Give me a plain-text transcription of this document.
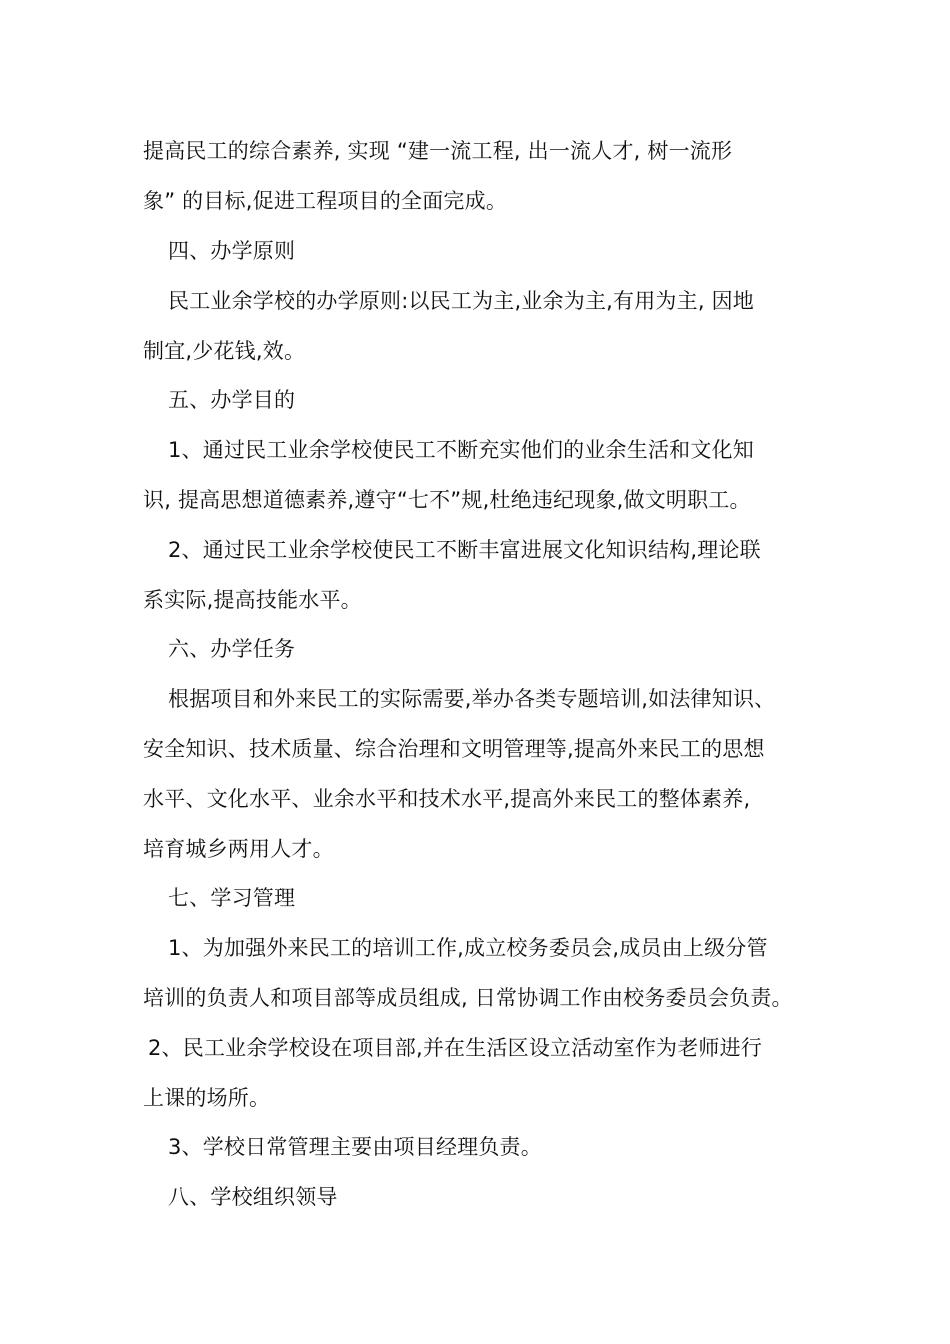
提高民工的综合素养, 实现 “建一流工程, 出一流人才, 树一流形
象” 的目标,促进工程项目的全面完成。
四、办学原则
民工业余学校的办学原则:以民工为主,业余为主,有用为主, 因地
制宜,少花钱,效。
五、办学目的
1、通过民工业余学校使民工不断充实他们的业余生活和文化知
识, 提高思想道德素养,遵守“七不”规,杜绝违纪现象,做文明职工。
2、通过民工业余学校使民工不断丰富进展文化知识结构,理论联
系实际,提高技能水平。
六、办学任务
根据项目和外来民工的实际需要,举办各类专题培训,如法律知识、
安全知识、技术质量、综合治理和文明管理等,提高外来民工的思想
水平、文化水平、业余水平和技术水平,提高外来民工的整体素养,
培育城乡两用人才。
七、学习管理
1、为加强外来民工的培训工作,成立校务委员会,成员由上级分管
培训的负责人和项目部等成员组成, 日常协调工作由校务委员会负责。
2、民工业余学校设在项目部,并在生活区设立活动室作为老师进行
上课的场所。
3、学校日常管理主要由项目经理负责。
八、学校组织领导
